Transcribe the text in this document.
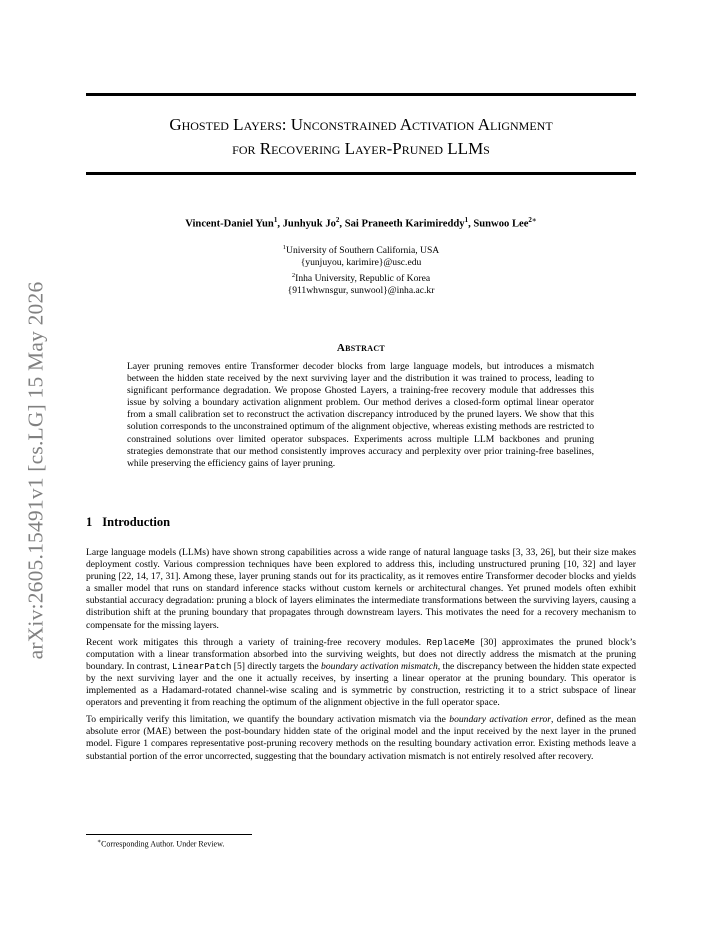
arXiv:2605.15491v1 [cs.LG] 15 May 2026
Ghosted Layers: Unconstrained Activation Alignment
for Recovering Layer-Pruned LLMs

Vincent-Daniel Yun$^1$, Junhyuk Jo$^2$, Sai Praneeth Karimireddy$^1$, Sunwoo Lee$^{2∗}$

$^1$University of Southern California, USA
{yunjuyou, karimire}@usc.edu
$^2$Inha University, Republic of Korea
{911whwnsgur, sunwool}@inha.ac.kr
Abstract

Layer pruning removes entire Transformer decoder blocks from large language models, but introduces a mismatch between the hidden state received by the next surviving layer and the distribution it was trained to process, leading to significant performance degradation. We propose Ghosted Layers, a training-free recovery module that addresses this issue by solving a boundary activation alignment problem. Our method derives a closed-form optimal linear operator from a small calibration set to reconstruct the activation discrepancy introduced by the pruned layers. We show that this solution corresponds to the unconstrained optimum of the alignment objective, whereas existing methods are restricted to constrained solutions over limited operator subspaces. Experiments across multiple LLM backbones and pruning strategies demonstrate that our method consistently improves accuracy and perplexity over prior training-free baselines, while preserving the efficiency gains of layer pruning.

1 Introduction

Large language models (LLMs) have shown strong capabilities across a wide range of natural language tasks [3, 33, 26], but their size makes deployment costly. Various compression techniques have been explored to address this, including unstructured pruning [10, 32] and layer pruning [22, 14, 17, 31]. Among these, layer pruning stands out for its practicality, as it removes entire Transformer decoder blocks and yields a smaller model that runs on standard inference stacks without custom kernels or architectural changes. Yet pruned models often exhibit substantial accuracy degradation: pruning a block of layers eliminates the intermediate transformations between the surviving layers, causing a distribution shift at the pruning boundary that propagates through downstream layers. This motivates the need for a recovery mechanism to compensate for the missing layers.

Recent work mitigates this through a variety of training-free recovery modules. ReplaceMe [30] approximates the pruned block’s computation with a linear transformation absorbed into the surviving weights, but does not directly address the mismatch at the pruning boundary. In contrast, LinearPatch [5] directly targets the boundary activation mismatch, the discrepancy between the hidden state expected by the next surviving layer and the one it actually receives, by inserting a linear operator at the pruning boundary. This operator is implemented as a Hadamard-rotated channel-wise scaling and is symmetric by construction, restricting it to a strict subspace of linear operators and preventing it from reaching the optimum of the alignment objective in the full operator space.

To empirically verify this limitation, we quantify the boundary activation mismatch via the boundary activation error, defined as the mean absolute error (MAE) between the post-boundary hidden state of the original model and the input received by the next layer in the pruned model. Figure 1 compares representative post-pruning recovery methods on the resulting boundary activation error. Existing methods leave a substantial portion of the error uncorrected, suggesting that the boundary activation mismatch is not entirely resolved after recovery.

∗Corresponding Author. Under Review.
